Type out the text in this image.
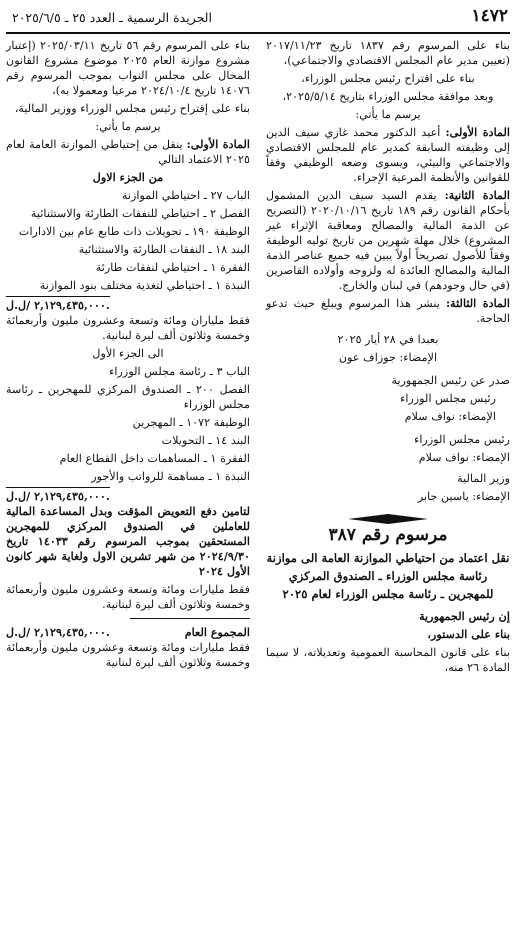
١٤٧٢
الجريدة الرسمية ـ العدد ٢٥ ـ ٢٠٢٥/٦/٥

بناء على المرسوم رقم ١٨٣٧ تاريخ ٢٠١٧/١١/٢٣ (تعيين مدير عام المجلس الاقتصادي والاجتماعي)،

بناء على اقتراح رئيس مجلس الوزراء،

وبعد موافقة مجلس الوزراء بتاريخ ٢٠٢٥/٥/١٤،

يرسم ما يأتي:

المادة الأولى: أعيد الدكتور محمد غازي سيف الدين إلى وظيفته السابقة كمدير عام للمجلس الاقتصادي والاجتماعي والبيئي، ويسوى وضعه الوظيفي وفقاً للقوانين والأنظمة المرعية الإجراء.

المادة الثانية: يقدم السيد سيف الدين المشمول بأحكام القانون رقم ١٨٩ تاريخ ٢٠٢٠/١٠/١٦ (التصريح عن الذمة المالية والمصالح ومعاقبة الإثراء غير المشروع) خلال مهلة شهرين من تاريخ توليه الوظيفة وفقاً للأصول تصريحاً أولاً يبين فيه جميع عناصر الذمة المالية والمصالح العائدة له ولزوجه وأولاده القاصرين (في حال وجودهم) في لبنان والخارج.

المادة الثالثة: ينشر هذا المرسوم ويبلغ حيث تدعو الحاجة.

بعبدا في ٢٨ أيار ٢٠٢٥

الإمضاء: جوزاف عون

صدر عن رئيس الجمهورية

رئيس مجلس الوزراء

الإمضاء: نواف سلام

رئيس مجلس الوزراء

الإمضاء: نواف سلام

وزير المالية

الإمضاء: ياسين جابر

مرسوم رقم ٣٨٧
نقل اعتماد من احتياطي الموازنة العامة الى موازنة رئاسة مجلس الوزراء ـ الصندوق المركزي للمهجرين ـ رئاسة مجلس الوزراء لعام ٢٠٢٥

إن رئيس الجمهورية

بناء على الدستور،

بناء على قانون المحاسبة العمومية وتعديلاته، لا سيما المادة ٢٦ منه،

بناء على المرسوم رقم ٥٦ تاريخ ٢٠٢٥/٠٣/١١ (إعتبار مشروع موازنة العام ٢٠٢٥ موضوع مشروع القانون المحال على مجلس النواب بموجب المرسوم رقم ١٤٠٧٦ تاريخ ٢٠٢٤/١٠/٤ مرعيا ومعمولا به)،

بناء على إقتراح رئيس مجلس الوزراء ووزير المالية،

يرسم ما يأتي:

المادة الأولى: ينقل من إحتياطي الموازنة العامة لعام ٢٠٢٥ الاعتماد التالي

من الجزء الاول

الباب ٢٧ ـ احتياطي الموازنة

الفصل ٢ ـ احتياطي للنفقات الطارئة والاستثنائية

الوظيفة ١٩٠ ـ تحويلات ذات طابع عام بين الادارات

البند ١٨ ـ النفقات الطارئة والاستثنائية

الفقرة ١ ـ احتياطي لنفقات طارئة

النبذة ١ ـ احتياطي لتغذية مختلف بنود الموازنة

٢,١٢٩,٤٣٥,٠٠٠ /ل.ل.

فقط ملياران ومائة وتسعة وعشرون مليون وأربعمائة وخمسة وثلاثون ألف ليرة لبنانية.

الى الجزء الأول

الباب ٣ ـ رئاسة مجلس الوزراء

الفصل ٢٠٠ ـ الصندوق المركزي للمهجرين ـ رئاسة مجلس الوزراء

الوظيفة ١٠٧٢ ـ المهجرين

البند ١٤ ـ التحويلات

الفقرة ١ ـ المساهمات داخل القطاع العام

النبذة ١ ـ مساهمة للرواتب والأجور

٢,١٢٩,٤٣٥,٠٠٠ /ل.ل.

لتامين دفع التعويض المؤقت وبدل المساعدة المالية للعاملين في الصندوق المركزي للمهجرين المستحقين بموجب المرسوم رقم ١٤٠٣٣ تاريخ ٢٠٢٤/٩/٣٠ من شهر تشرين الاول ولغاية شهر كانون الأول ٢٠٢٤

فقط مليارات ومائة وتسعة وعشرون مليون وأربعمائة وخمسة وثلاثون ألف ليرة لبنانية.

المجموع العام
٢,١٢٩,٤٣٥,٠٠٠ /ل.ل.

فقط مليارات ومائة وتسعة وعشرون مليون وأربعمائة وخمسة وثلاثون ألف ليرة لبنانية
